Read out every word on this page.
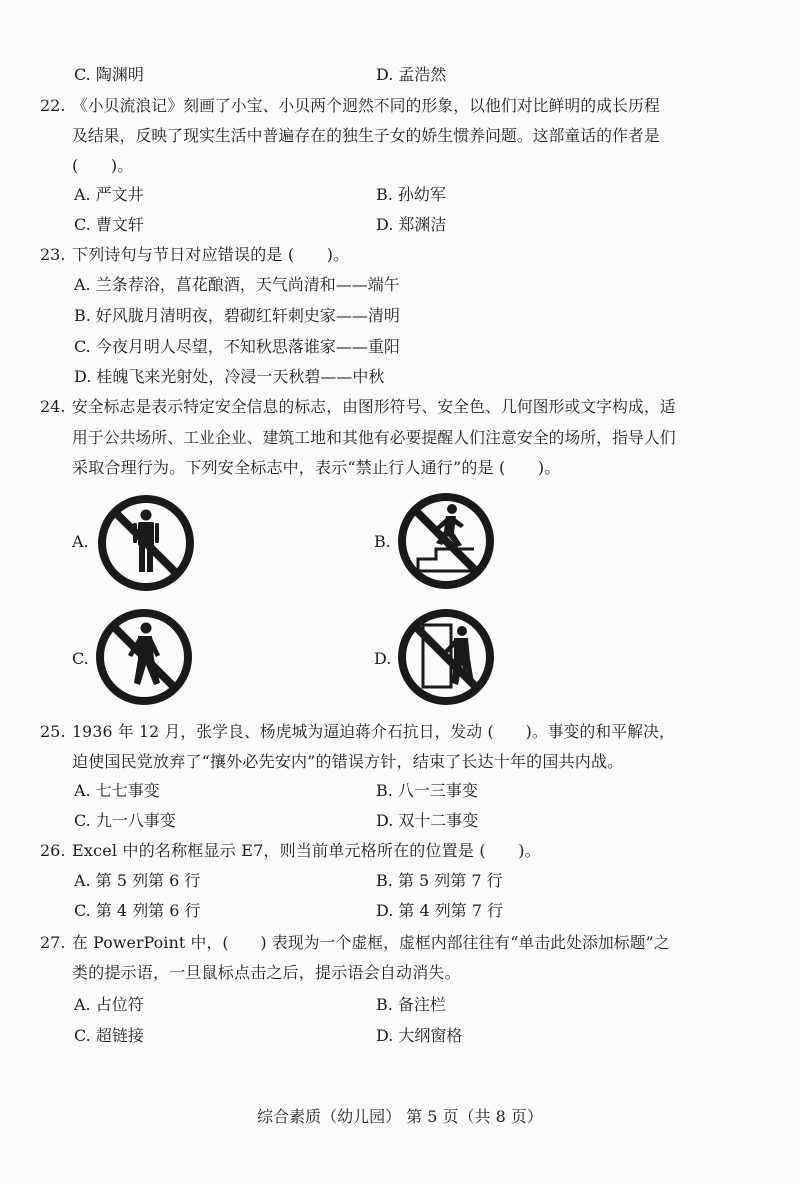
C. 陶渊明	D. 孟浩然
22. 《小贝流浪记》刻画了小宝、小贝两个迥然不同的形象，以他们对比鲜明的成长历程
及结果，反映了现实生活中普遍存在的独生子女的娇生惯养问题。这部童话的作者是
(　　)。
A. 严文井	B. 孙幼军
C. 曹文轩	D. 郑渊洁
23. 下列诗句与节日对应错误的是 (　　)。
A. 兰条荐浴，菖花酿酒，天气尚清和——端午
B. 好风胧月清明夜，碧砌红轩刺史家——清明
C. 今夜月明人尽望，不知秋思落谁家——重阳
D. 桂魄飞来光射处，冷浸一天秋碧——中秋
24. 安全标志是表示特定安全信息的标志，由图形符号、安全色、几何图形或文字构成，适
用于公共场所、工业企业、建筑工地和其他有必要提醒人们注意安全的场所，指导人们
采取合理行为。下列安全标志中，表示“禁止行人通行”的是 (　　)。
A.	B.
C.	D.
25. 1936 年 12 月，张学良、杨虎城为逼迫蒋介石抗日，发动 (　　)。事变的和平解决，
迫使国民党放弃了“攘外必先安内”的错误方针，结束了长达十年的国共内战。
A. 七七事变	B. 八一三事变
C. 九一八事变	D. 双十二事变
26. Excel 中的名称框显示 E7，则当前单元格所在的位置是 (　　)。
A. 第 5 列第 6 行	B. 第 5 列第 7 行
C. 第 4 列第 6 行	D. 第 4 列第 7 行
27. 在 PowerPoint 中，(　　) 表现为一个虚框，虚框内部往往有“单击此处添加标题”之
类的提示语，一旦鼠标点击之后，提示语会自动消失。
A. 占位符	B. 备注栏
C. 超链接	D. 大纲窗格
综合素质（幼儿园） 第 5 页（共 8 页）
